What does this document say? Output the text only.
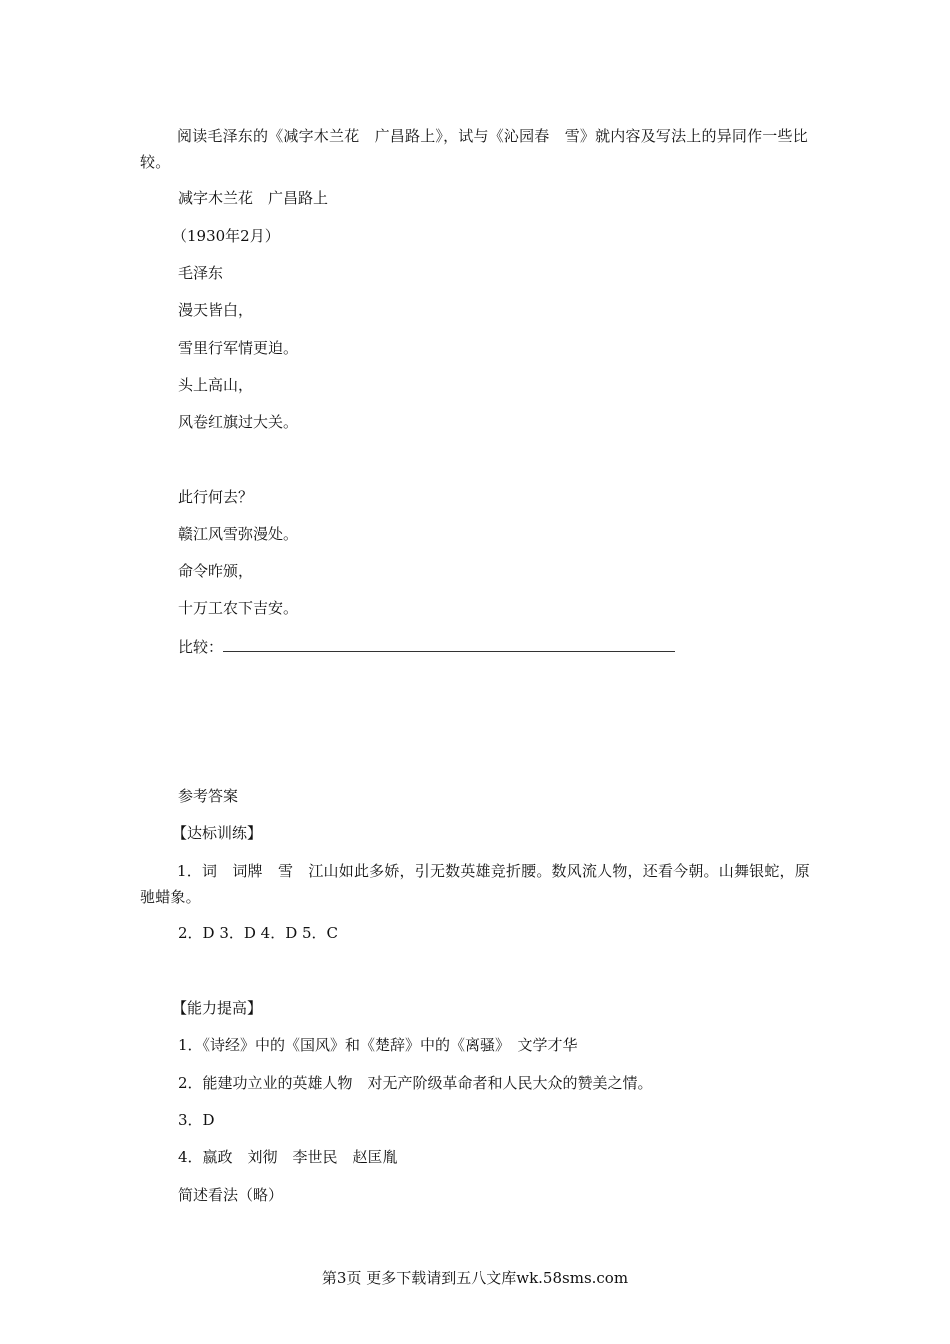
阅读毛泽东的《减字木兰花　广昌路上》，试与《沁园春　雪》就内容及写法上的异同作一些比较。
减字木兰花　广昌路上
（1930年2月）
毛泽东
漫天皆白，
雪里行军情更迫。
头上高山，
风卷红旗过大关。
此行何去？
赣江风雪弥漫处。
命令昨颁，
十万工农下吉安。
比较：
参考答案
【达标训练】
1．词　词牌　雪　江山如此多娇，引无数英雄竞折腰。数风流人物，还看今朝。山舞银蛇，原驰蜡象。
2．D 3．D 4．D 5．C
【能力提高】
1．《诗经》中的《国风》和《楚辞》中的《离骚》　文学才华
2．能建功立业的英雄人物　对无产阶级革命者和人民大众的赞美之情。
3．D
4．嬴政　刘彻　李世民　赵匡胤
简述看法（略）
第3页 更多下载请到五八文库wk.58sms.com
